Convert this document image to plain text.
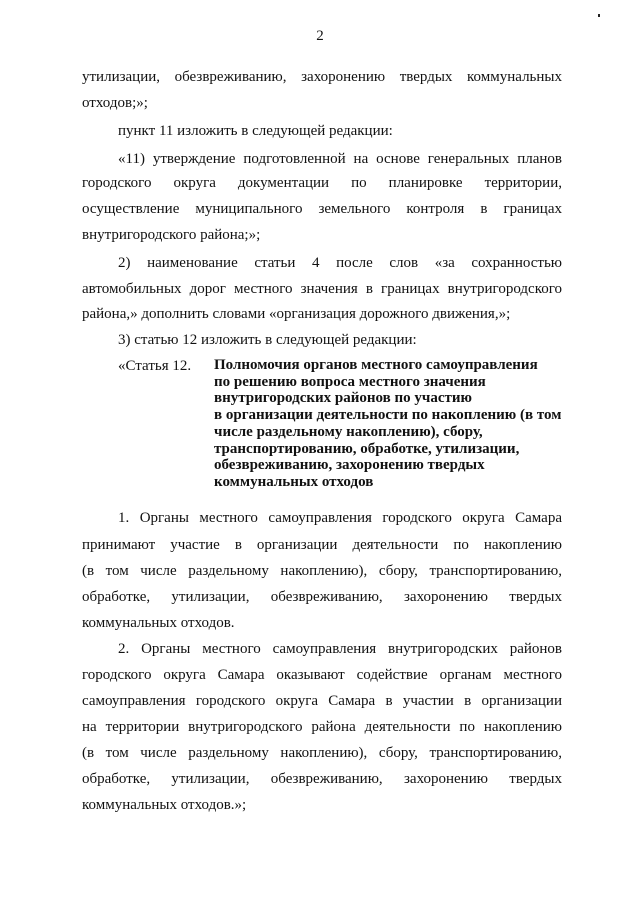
2
утилизации, обезвреживанию, захоронению твердых коммунальных
отходов;»;
пункт 11 изложить в следующей редакции:
«11) утверждение подготовленной на основе генеральных планов
городского округа документации по планировке территории,
осуществление муниципального земельного контроля в границах
внутригородского района;»;
2) наименование статьи 4 после слов «за сохранностью
автомобильных дорог местного значения в границах внутригородского
района,» дополнить словами «организация дорожного движения,»;
3) статью 12 изложить в следующей редакции:
«Статья 12. Полномочия органов местного самоуправления
по решению вопроса местного значения
внутригородских районов по участию
в организации деятельности по накоплению (в том
числе раздельному накоплению), сбору,
транспортированию, обработке, утилизации,
обезвреживанию, захоронению твердых
коммунальных отходов
1. Органы местного самоуправления городского округа Самара
принимают участие в организации деятельности по накоплению
(в том числе раздельному накоплению), сбору, транспортированию,
обработке, утилизации, обезвреживанию, захоронению твердых
коммунальных отходов.
2. Органы местного самоуправления внутригородских районов
городского округа Самара оказывают содействие органам местного
самоуправления городского округа Самара в участии в организации
на территории внутригородского района деятельности по накоплению
(в том числе раздельному накоплению), сбору, транспортированию,
обработке, утилизации, обезвреживанию, захоронению твердых
коммунальных отходов.»;
